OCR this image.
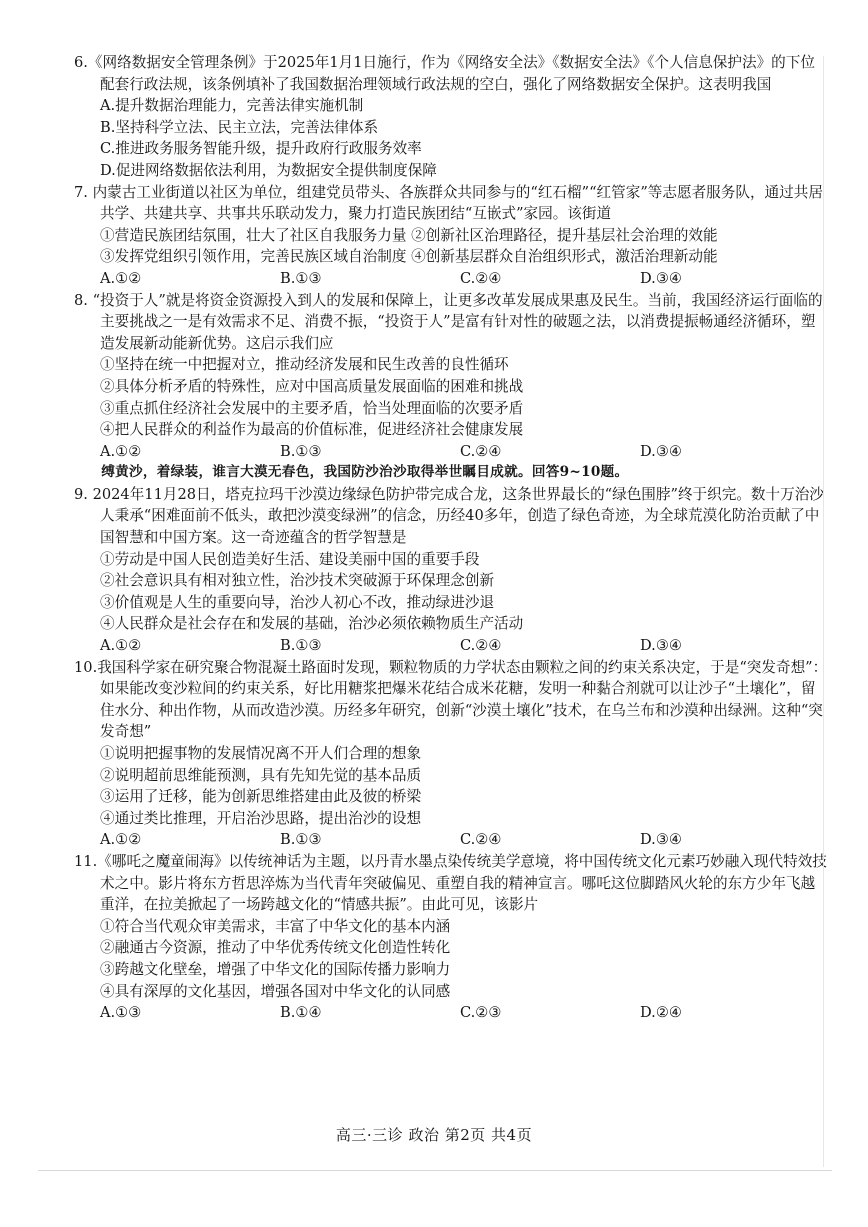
6.《网络数据安全管理条例》于2025年1月1日施行，作为《网络安全法》《数据安全法》《个人信息保护法》的下位配套行政法规，该条例填补了我国数据治理领域行政法规的空白，强化了网络数据安全保护。这表明我国
A.提升数据治理能力，完善法律实施机制
B.坚持科学立法、民主立法，完善法律体系
C.推进政务服务智能升级，提升政府行政服务效率
D.促进网络数据依法利用，为数据安全提供制度保障
7. 内蒙古工业街道以社区为单位，组建党员带头、各族群众共同参与的“红石榴”“红管家”等志愿者服务队，通过共居共学、共建共享、共事共乐联动发力，聚力打造民族团结“互嵌式”家园。该街道
①营造民族团结氛围，壮大了社区自我服务力量 ②创新社区治理路径，提升基层社会治理的效能
③发挥党组织引领作用，完善民族区域自治制度 ④创新基层群众自治组织形式，激活治理新动能
A.①②	B.①③	C.②④	D.③④
8. “投资于人”就是将资金资源投入到人的发展和保障上，让更多改革发展成果惠及民生。当前，我国经济运行面临的主要挑战之一是有效需求不足、消费不振，“投资于人”是富有针对性的破题之法，以消费提振畅通经济循环，塑造发展新动能新优势。这启示我们应
①坚持在统一中把握对立，推动经济发展和民生改善的良性循环
②具体分析矛盾的特殊性，应对中国高质量发展面临的困难和挑战
③重点抓住经济社会发展中的主要矛盾，恰当处理面临的次要矛盾
④把人民群众的利益作为最高的价值标准，促进经济社会健康发展
A.①②	B.①③	C.②④	D.③④
缚黄沙，着绿装，谁言大漠无春色，我国防沙治沙取得举世瞩目成就。回答9~10题。
9. 2024年11月28日，塔克拉玛干沙漠边缘绿色防护带完成合龙，这条世界最长的“绿色围脖”终于织完。数十万治沙人秉承“困难面前不低头，敢把沙漠变绿洲”的信念，历经40多年，创造了绿色奇迹，为全球荒漠化防治贡献了中国智慧和中国方案。这一奇迹蕴含的哲学智慧是
①劳动是中国人民创造美好生活、建设美丽中国的重要手段
②社会意识具有相对独立性，治沙技术突破源于环保理念创新
③价值观是人生的重要向导，治沙人初心不改，推动绿进沙退
④人民群众是社会存在和发展的基础，治沙必须依赖物质生产活动
A.①②	B.①③	C.②④	D.③④
10.我国科学家在研究聚合物混凝土路面时发现，颗粒物质的力学状态由颗粒之间的约束关系决定，于是“突发奇想”：如果能改变沙粒间的约束关系，好比用糖浆把爆米花结合成米花糖，发明一种黏合剂就可以让沙子“土壤化”，留住水分、种出作物，从而改造沙漠。历经多年研究，创新“沙漠土壤化”技术，在乌兰布和沙漠种出绿洲。这种“突发奇想”
①说明把握事物的发展情况离不开人们合理的想象
②说明超前思维能预测，具有先知先觉的基本品质
③运用了迁移，能为创新思维搭建由此及彼的桥梁
④通过类比推理，开启治沙思路，提出治沙的设想
A.①②	B.①③	C.②④	D.③④
11.《哪吒之魔童闹海》以传统神话为主题，以丹青水墨点染传统美学意境，将中国传统文化元素巧妙融入现代特效技术之中。影片将东方哲思淬炼为当代青年突破偏见、重塑自我的精神宣言。哪吒这位脚踏风火轮的东方少年飞越重洋，在拉美掀起了一场跨越文化的“情感共振”。由此可见，该影片
①符合当代观众审美需求，丰富了中华文化的基本内涵
②融通古今资源，推动了中华优秀传统文化创造性转化
③跨越文化壁垒，增强了中华文化的国际传播力影响力
④具有深厚的文化基因，增强各国对中华文化的认同感
A.①③	B.①④	C.②③	D.②④
高三·三诊 政治 第2页 共4页
